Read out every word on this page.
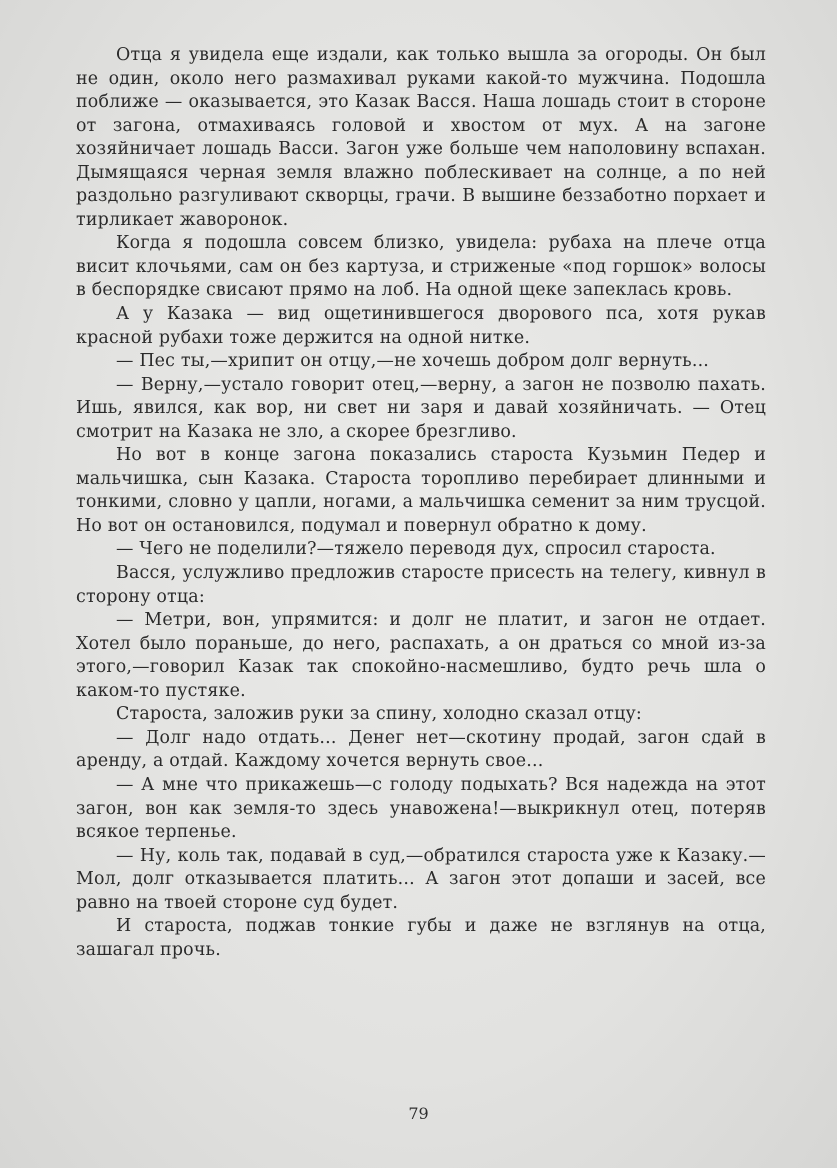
Отца я увидела еще издали, как только вышла за огороды. Он был не один, около него размахивал руками какой-то мужчина. Подошла поближе — оказывается, это Казак Васся. Наша лошадь стоит в стороне от загона, отмахиваясь головой и хвостом от мух. А на загоне хозяйничает лошадь Васси. Загон уже больше чем наполовину вспахан. Дымящаяся черная земля влажно поблескивает на солнце, а по ней раздольно разгуливают скворцы, грачи. В вышине беззаботно порхает и тирликает жаворонок.

Когда я подошла совсем близко, увидела: рубаха на плече отца висит клочьями, сам он без картуза, и стриженые «под горшок» волосы в беспорядке свисают прямо на лоб. На одной щеке запеклась кровь.

А у Казака — вид ощетинившегося дворового пса, хотя рукав красной рубахи тоже держится на одной нитке.

— Пес ты,—хрипит он отцу,—не хочешь добром долг вернуть...

— Верну,—устало говорит отец,—верну, а загон не позволю пахать. Ишь, явился, как вор, ни свет ни заря и давай хозяйничать. — Отец смотрит на Казака не зло, а скорее брезгливо.

Но вот в конце загона показались староста Кузьмин Педер и мальчишка, сын Казака. Староста торопливо перебирает длинными и тонкими, словно у цапли, ногами, а мальчишка семенит за ним трусцой. Но вот он остановился, подумал и повернул обратно к дому.

— Чего не поделили?—тяжело переводя дух, спросил староста.

Васся, услужливо предложив старосте присесть на телегу, кивнул в сторону отца:

— Метри, вон, упрямится: и долг не платит, и загон не отдает. Хотел было пораньше, до него, распахать, а он драться со мной из-за этого,—говорил Казак так спокойно-насмешливо, будто речь шла о каком-то пустяке.

Староста, заложив руки за спину, холодно сказал отцу:

— Долг надо отдать... Денег нет—скотину продай, загон сдай в аренду, а отдай. Каждому хочется вернуть свое...

— А мне что прикажешь—с голоду подыхать? Вся надежда на этот загон, вон как земля-то здесь унавожена!—выкрикнул отец, потеряв всякое терпенье.

— Ну, коль так, подавай в суд,—обратился староста уже к Казаку.—Мол, долг отказывается платить... А загон этот допаши и засей, все равно на твоей стороне суд будет.

И староста, поджав тонкие губы и даже не взглянув на отца, зашагал прочь.

79
